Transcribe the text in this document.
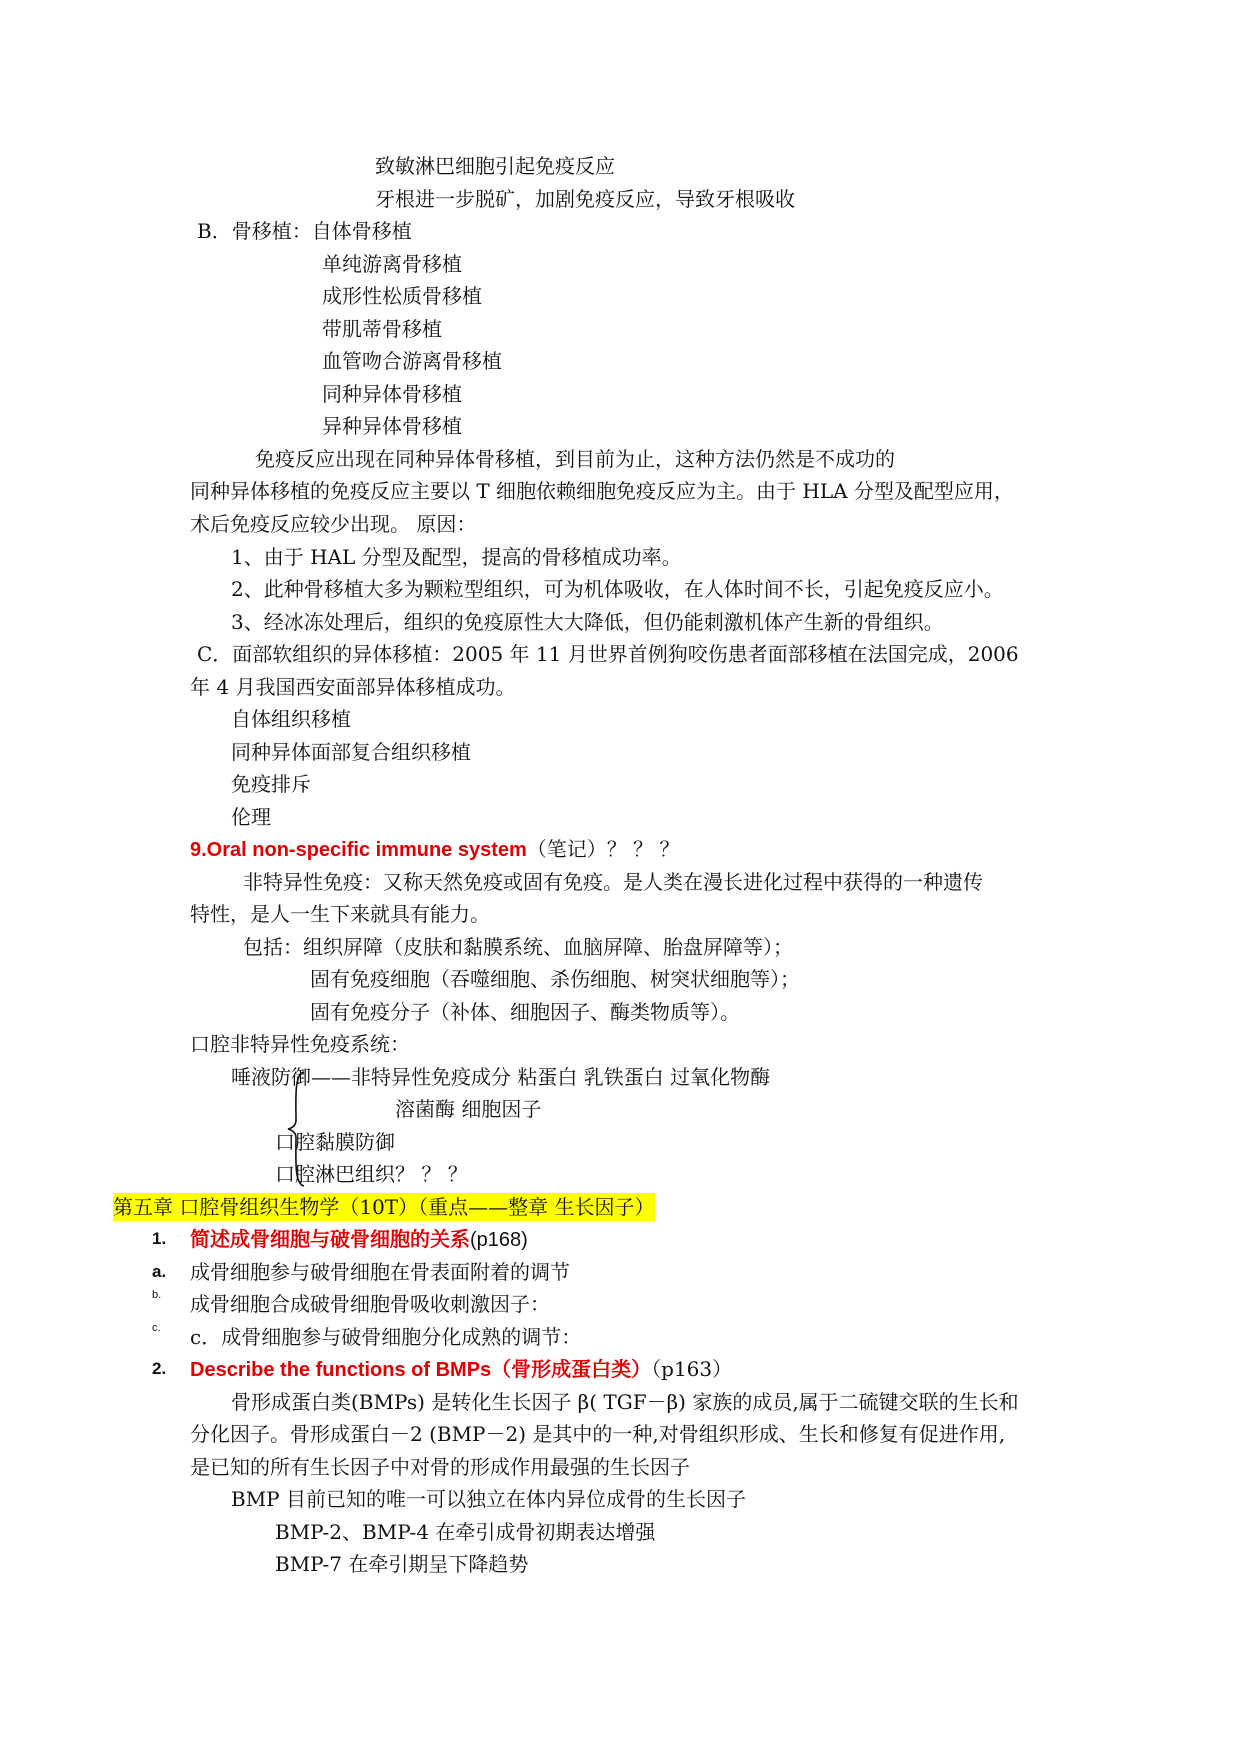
致敏淋巴细胞引起免疫反应
牙根进一步脱矿，加剧免疫反应，导致牙根吸收
B．骨移植：自体骨移植
单纯游离骨移植
成形性松质骨移植
带肌蒂骨移植
血管吻合游离骨移植
同种异体骨移植
异种异体骨移植
免疫反应出现在同种异体骨移植，到目前为止，这种方法仍然是不成功的
同种异体移植的免疫反应主要以 T 细胞依赖细胞免疫反应为主。由于 HLA 分型及配型应用，
术后免疫反应较少出现。 原因：
1、由于 HAL 分型及配型，提高的骨移植成功率。
2、此种骨移植大多为颗粒型组织，可为机体吸收，在人体时间不长，引起免疫反应小。
3、经冰冻处理后，组织的免疫原性大大降低，但仍能刺激机体产生新的骨组织。
C．面部软组织的异体移植：2005 年 11 月世界首例狗咬伤患者面部移植在法国完成，2006
年 4 月我国西安面部异体移植成功。
自体组织移植
同种异体面部复合组织移植
免疫排斥
伦理
9.Oral non-specific immune system（笔记）？ ？ ？
非特异性免疫：又称天然免疫或固有免疫。是人类在漫长进化过程中获得的一种遗传
特性，是人一生下来就具有能力。
包括：组织屏障（皮肤和黏膜系统、血脑屏障、胎盘屏障等）；
固有免疫细胞（吞噬细胞、杀伤细胞、树突状细胞等）；
固有免疫分子（补体、细胞因子、酶类物质等）。
口腔非特异性免疫系统：
唾液防御——非特异性免疫成分 粘蛋白 乳铁蛋白 过氧化物酶
溶菌酶 细胞因子
口腔黏膜防御
口腔淋巴组织？ ？ ？
第五章 口腔骨组织生物学（10T）（重点——整章 生长因子）
1. 简述成骨细胞与破骨细胞的关系(p168)
a. 成骨细胞参与破骨细胞在骨表面附着的调节
b. 成骨细胞合成破骨细胞骨吸收刺激因子：
c. c．成骨细胞参与破骨细胞分化成熟的调节：
2. Describe the functions of BMPs（骨形成蛋白类）（p163）
骨形成蛋白类(BMPs) 是转化生长因子 β( TGF－β) 家族的成员,属于二硫键交联的生长和
分化因子。骨形成蛋白－2 (BMP－2) 是其中的一种,对骨组织形成、生长和修复有促进作用,
是已知的所有生长因子中对骨的形成作用最强的生长因子
BMP 目前已知的唯一可以独立在体内异位成骨的生长因子
BMP-2、BMP-4 在牵引成骨初期表达增强
BMP-7 在牵引期呈下降趋势
